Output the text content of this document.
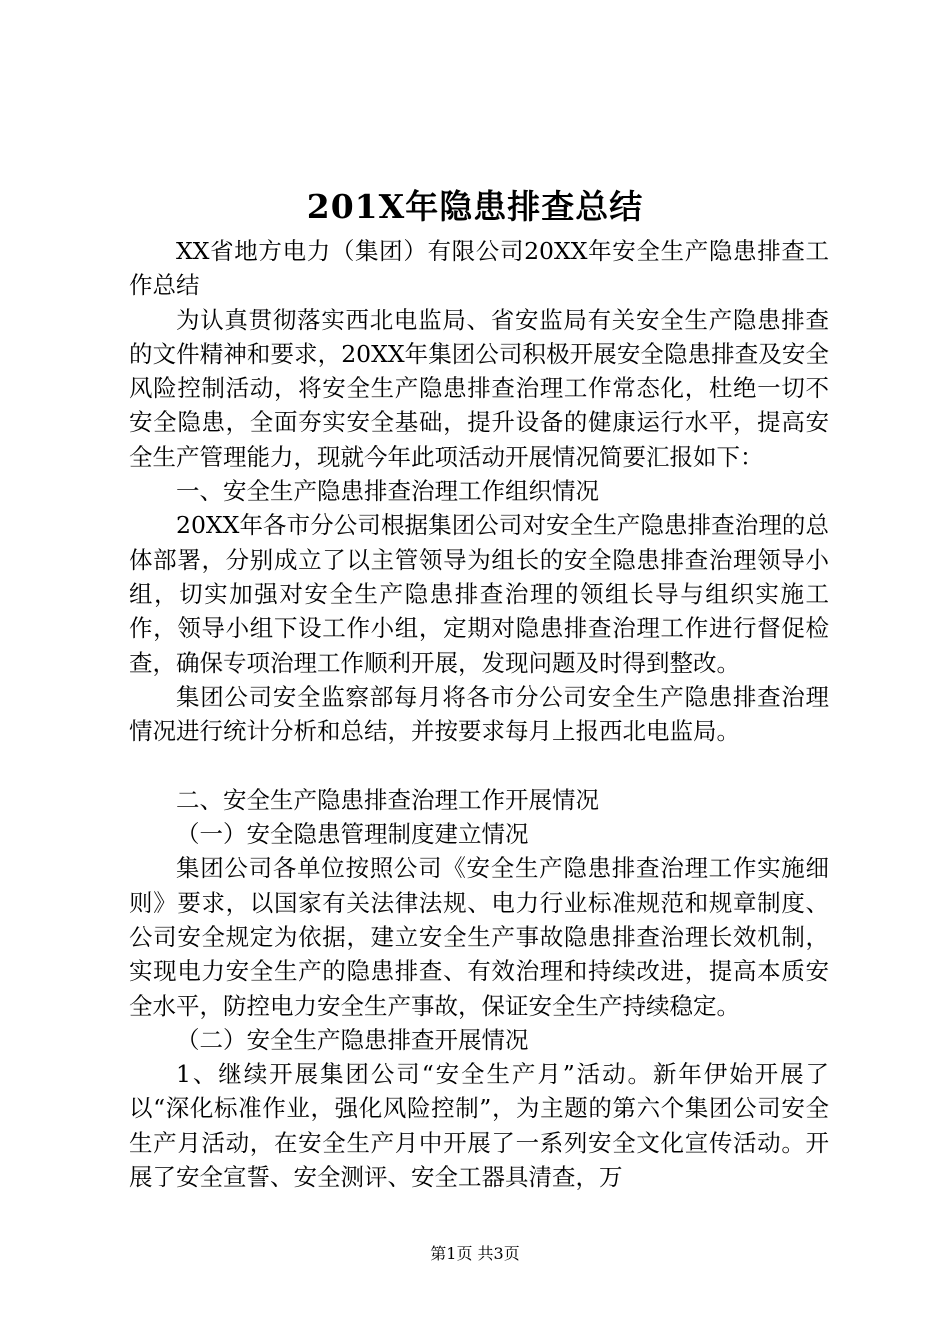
201X年隐患排查总结

XX省地方电力（集团）有限公司20XX年安全生产隐患排查工作总结

为认真贯彻落实西北电监局、省安监局有关安全生产隐患排查的文件精神和要求，20XX年集团公司积极开展安全隐患排查及安全风险控制活动，将安全生产隐患排查治理工作常态化，杜绝一切不安全隐患，全面夯实安全基础，提升设备的健康运行水平，提高安全生产管理能力，现就今年此项活动开展情况简要汇报如下：

一、安全生产隐患排查治理工作组织情况

20XX年各市分公司根据集团公司对安全生产隐患排查治理的总体部署，分别成立了以主管领导为组长的安全隐患排查治理领导小组，切实加强对安全生产隐患排查治理的领组长导与组织实施工作，领导小组下设工作小组，定期对隐患排查治理工作进行督促检查，确保专项治理工作顺利开展，发现问题及时得到整改。

集团公司安全监察部每月将各市分公司安全生产隐患排查治理情况进行统计分析和总结，并按要求每月上报西北电监局。

二、安全生产隐患排查治理工作开展情况

（一）安全隐患管理制度建立情况

集团公司各单位按照公司《安全生产隐患排查治理工作实施细则》要求，以国家有关法律法规、电力行业标准规范和规章制度、公司安全规定为依据，建立安全生产事故隐患排查治理长效机制，实现电力安全生产的隐患排查、有效治理和持续改进，提高本质安全水平，防控电力安全生产事故，保证安全生产持续稳定。

（二）安全生产隐患排查开展情况

1、继续开展集团公司“安全生产月”活动。新年伊始开展了以“深化标准作业，强化风险控制”，为主题的第六个集团公司安全生产月活动，在安全生产月中开展了一系列安全文化宣传活动。开展了安全宣誓、安全测评、安全工器具清查，万

第1页 共3页
